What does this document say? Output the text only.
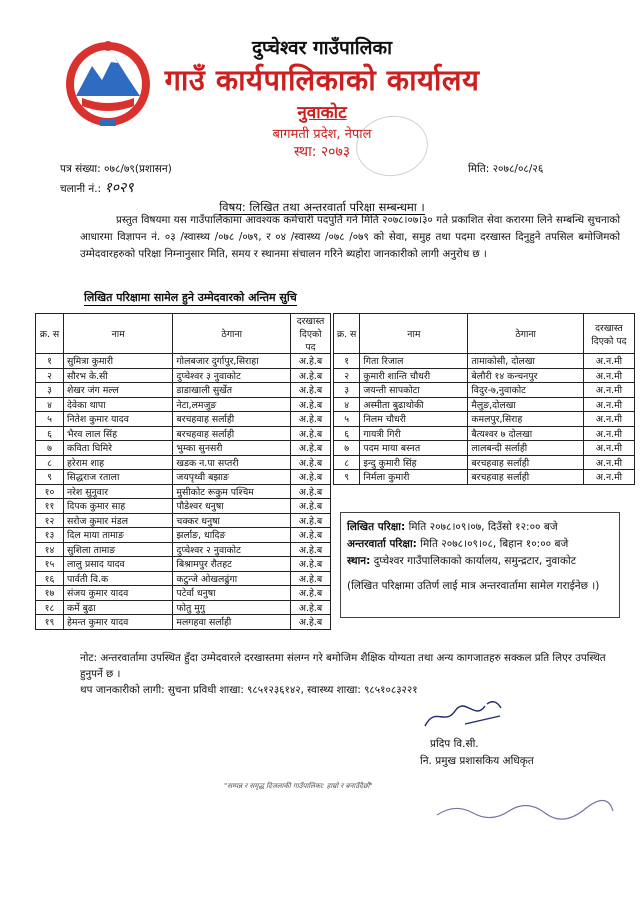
दुप्चेश्वर गाउँपालिका
गाउँ कार्यपालिकाको कार्यालय
नुवाकोट
बागमती प्रदेश, नेपाल
स्था: २०७३
पत्र संख्या: ०७८/७९(प्रशासन)
चलानी नं.: १०२९
मिति: २०७८/०८/२६
विषय: लिखित तथा अन्तरवार्ता परिक्षा सम्बन्धमा ।

प्रस्तुत विषयमा यस गाउँपालिकामा आवश्यक कर्मचारी पदपुर्ति गर्न मिति २०७८।०७।३० गते प्रकाशित सेवा करारमा लिने सम्बन्धि सुचनाको आधारमा विज्ञापन नं. ०३ /स्वास्थ्य /०७८ /०७९, र ०४ /स्वास्थ्य /०७८ /०७९ को सेवा, समुह तथा पदमा दरखास्त दिनुहुने तपसिल बमोजिमको उम्मेदवारहरुको परिक्षा निम्नानुसार मिति, समय र स्थानमा संचालन गरिने ब्यहोरा जानकारीको लागी अनुरोध छ ।

लिखित परिक्षामा सामेल हुने उम्मेदवारको अन्तिम सुचि
क्र. स	नाम	ठेगाना	दरखास्त दिएको पद
१	सुमित्रा कुमारी	गोलबजार दुर्गापुर,सिराहा	अ.हे.ब
२	सौरभ के.सी	दुप्चेश्वर ३ नुवाकोट	अ.हे.ब
३	शेखर जंग मल्ल	डाडाखाली सुर्खेत	अ.हे.ब
४	देवेका थापा	नेटा,लमजुङ	अ.हे.ब
५	नितेश कुमार यादव	बरचहवाह सर्लाही	अ.हे.ब
६	भैरव लाल सिंह	बरचहवाह सर्लाही	अ.हे.ब
७	कविता घिमिरे	भुम्का सुनसरी	अ.हे.ब
८	हरेराम शाह	खडक न.पा सप्तरी	अ.हे.ब
९	सिद्धराज रताला	जयपृथ्वी बझाङ	अ.हे.ब
१०	नरेश सुनुवार	मुसीकोट रूकुम पश्चिम	अ.हे.ब
११	दिपक कुमार साह	पौडेश्वर धनुषा	अ.हे.ब
१२	सरोज कुमार मंडल	चक्कर धनुषा	अ.हे.ब
१३	दिल माया तामाङ	झर्लाङ, धादिङ	अ.हे.ब
१४	सुशिला तामाङ	दुप्चेश्वर २ नुवाकोट	अ.हे.ब
१५	लालु प्रसाद यादव	बिश्रामपुर रौतहट	अ.हे.ब
१६	पार्वती वि.क	कटुन्जे ओखलढुंगा	अ.हे.ब
१७	संजय कुमार यादव	पटेर्वा धनुषा	अ.हे.ब
१८	कर्मे बुढा	फोतु मुगु	अ.हे.ब
१९	हेमन्त कुमार यादव	मलगहवा सर्लाही	अ.हे.ब
क्र. स	नाम	ठेगाना	दरखास्त दिएको पद
१	गिता रिजाल	तामाकोसी, दोलखा	अ.न.मी
२	कुमारी शान्ति चौधरी	बेलौरी १४ कन्चनपुर	अ.न.मी
३	जयन्ती सापकोटा	विदुर-७,नुवाकोट	अ.न.मी
४	अस्मीता बुढाथोकी	मैलुङ,दोलखा	अ.न.मी
५	निलम चौधरी	कमलपुर,सिराह	अ.न.मी
६	गायत्री गिरी	बैत्यश्वर ७ दोलखा	अ.न.मी
७	पदम माया बस्नत	लालबन्दी सर्लाही	अ.न.मी
८	इन्दु कुमारी सिंह	बरचहवाह सर्लाही	अ.न.मी
९	निर्मला कुमारी	बरचहवाह सर्लाही	अ.न.मी
लिखित परिक्षा: मिति २०७८।०९।०७, दिउँसो १२:०० बजे
अन्तरवार्ता परिक्षा: मिति २०७८।०९।०८, बिहान १०:०० बजे
स्थान: दुप्चेश्वर गाउँपालिकाको कार्यालय, समुन्द्रटार, नुवाकोट
(लिखित परिक्षामा उतिर्ण लाई मात्र अन्तरवार्तामा सामेल गराईनेछ ।)
नोट: अन्तरवार्तामा उपस्थित हुँदा उम्मेदवारले दरखास्तमा संलग्न गरे बमोजिम शैक्षिक योग्यता तथा अन्य कागजातहरु सक्कल प्रति लिएर उपस्थित हुनुपर्ने छ ।
थप जानकारीको लागी: सुचना प्रविधी शाखा: ९८५१२३६१४२, स्वास्थ्य शाखा: ९८५१०८३२२१
प्रदिप वि.सी.
नि. प्रमुख प्रशासकिय अधिकृत
"सम्पन्न र समृद्ध दिजलाकी गाउँपालिका: हाम्रो र बनाउँदैछौं"
